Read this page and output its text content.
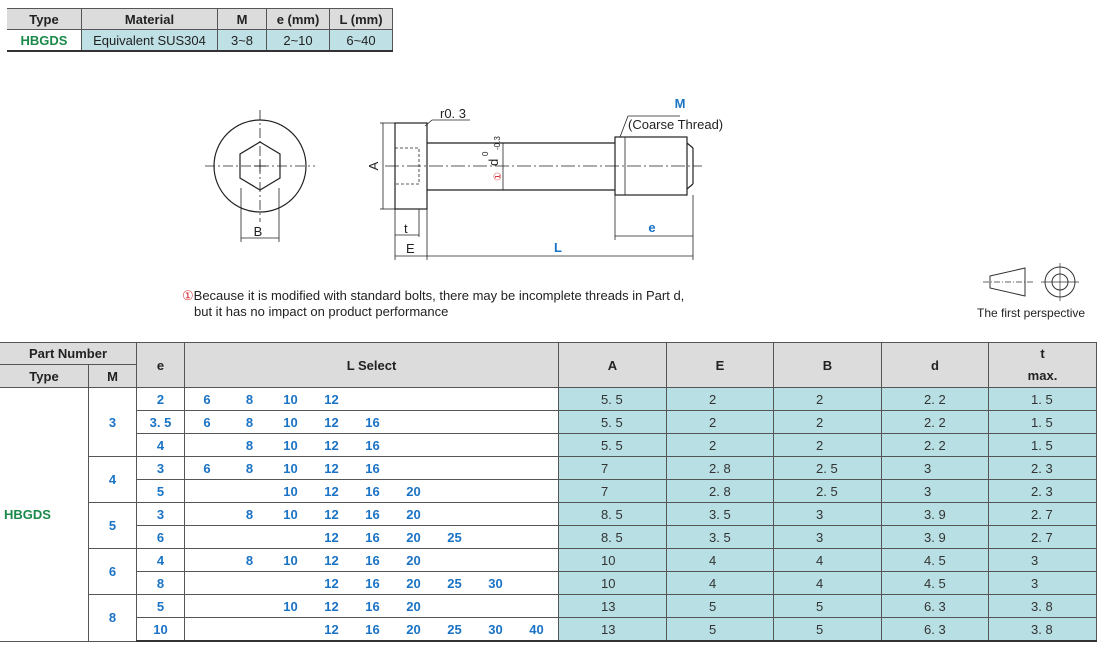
Type	Material	M	e (mm)	L (mm)
HBGDS	Equivalent SUS304	3~8	2~10	6~40
B
A
t
E
r0. 3
(Coarse Thread)
d
0
-0.3
①
M
L
e
①Because it is modified with standard bolts, there may be incomplete threads in Part d,
but it has no impact on product performance	The first perspective
Part Number		e	L Select	A	E	B	d	t
Type	M							max.
HBGDS	3	2	6 8 10 12	5. 5	2	2	2. 2	1. 5
		3. 5	6 8 10 12 16	5. 5	2	2	2. 2	1. 5
		4	8 10 12 16	5. 5	2	2	2. 2	1. 5
	4	3	6 8 10 12 16	7	2. 8	2. 5	3	2. 3
		5	10 12 16 20	7	2. 8	2. 5	3	2. 3
	5	3	8 10 12 16 20	8. 5	3. 5	3	3. 9	2. 7
		6	12 16 20 25	8. 5	3. 5	3	3. 9	2. 7
	6	4	8 10 12 16 20	10	4	4	4. 5	3
		8	12 16 20 25 30	10	4	4	4. 5	3
	8	5	10 12 16 20	13	5	5	6. 3	3. 8
		10	12 16 20 25 30 40	13	5	5	6. 3	3. 8
